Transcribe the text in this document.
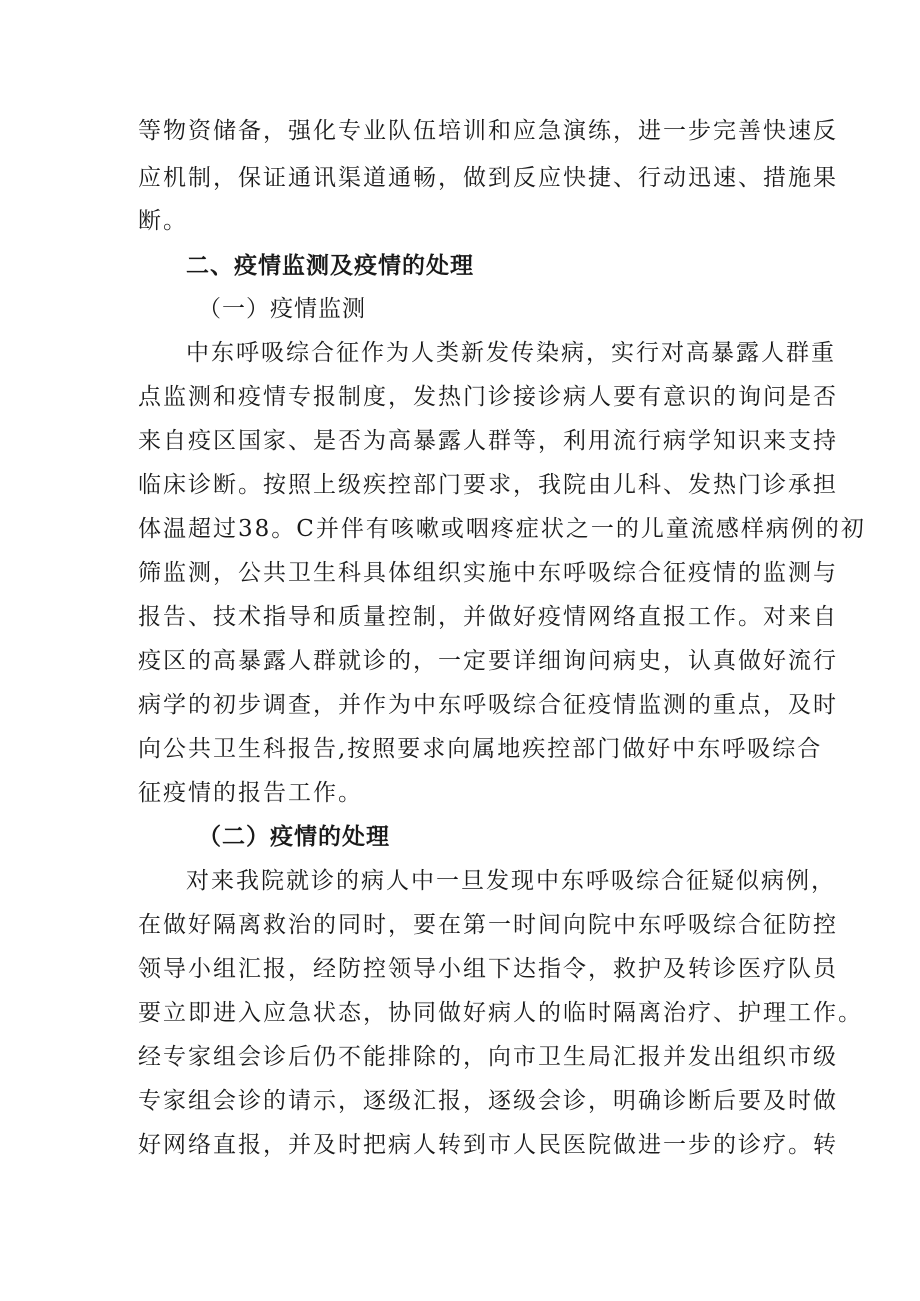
等物资储备，强化专业队伍培训和应急演练，进一步完善快速反
应机制，保证通讯渠道通畅，做到反应快捷、行动迅速、措施果
断。
二、疫情监测及疫情的处理
（一）疫情监测
中东呼吸综合征作为人类新发传染病，实行对高暴露人群重
点监测和疫情专报制度，发热门诊接诊病人要有意识的询问是否
来自疫区国家、是否为高暴露人群等，利用流行病学知识来支持
临床诊断。按照上级疾控部门要求，我院由儿科、发热门诊承担
体温超过38。C并伴有咳嗽或咽疼症状之一的儿童流感样病例的初
筛监测，公共卫生科具体组织实施中东呼吸综合征疫情的监测与
报告、技术指导和质量控制，并做好疫情网络直报工作。对来自
疫区的高暴露人群就诊的，一定要详细询问病史，认真做好流行
病学的初步调查，并作为中东呼吸综合征疫情监测的重点，及时
向公共卫生科报告,按照要求向属地疾控部门做好中东呼吸综合
征疫情的报告工作。
（二）疫情的处理
对来我院就诊的病人中一旦发现中东呼吸综合征疑似病例，
在做好隔离救治的同时，要在第一时间向院中东呼吸综合征防控
领导小组汇报，经防控领导小组下达指令，救护及转诊医疗队员
要立即进入应急状态，协同做好病人的临时隔离治疗、护理工作。
经专家组会诊后仍不能排除的，向市卫生局汇报并发出组织市级
专家组会诊的请示，逐级汇报，逐级会诊，明确诊断后要及时做
好网络直报，并及时把病人转到市人民医院做进一步的诊疗。转
